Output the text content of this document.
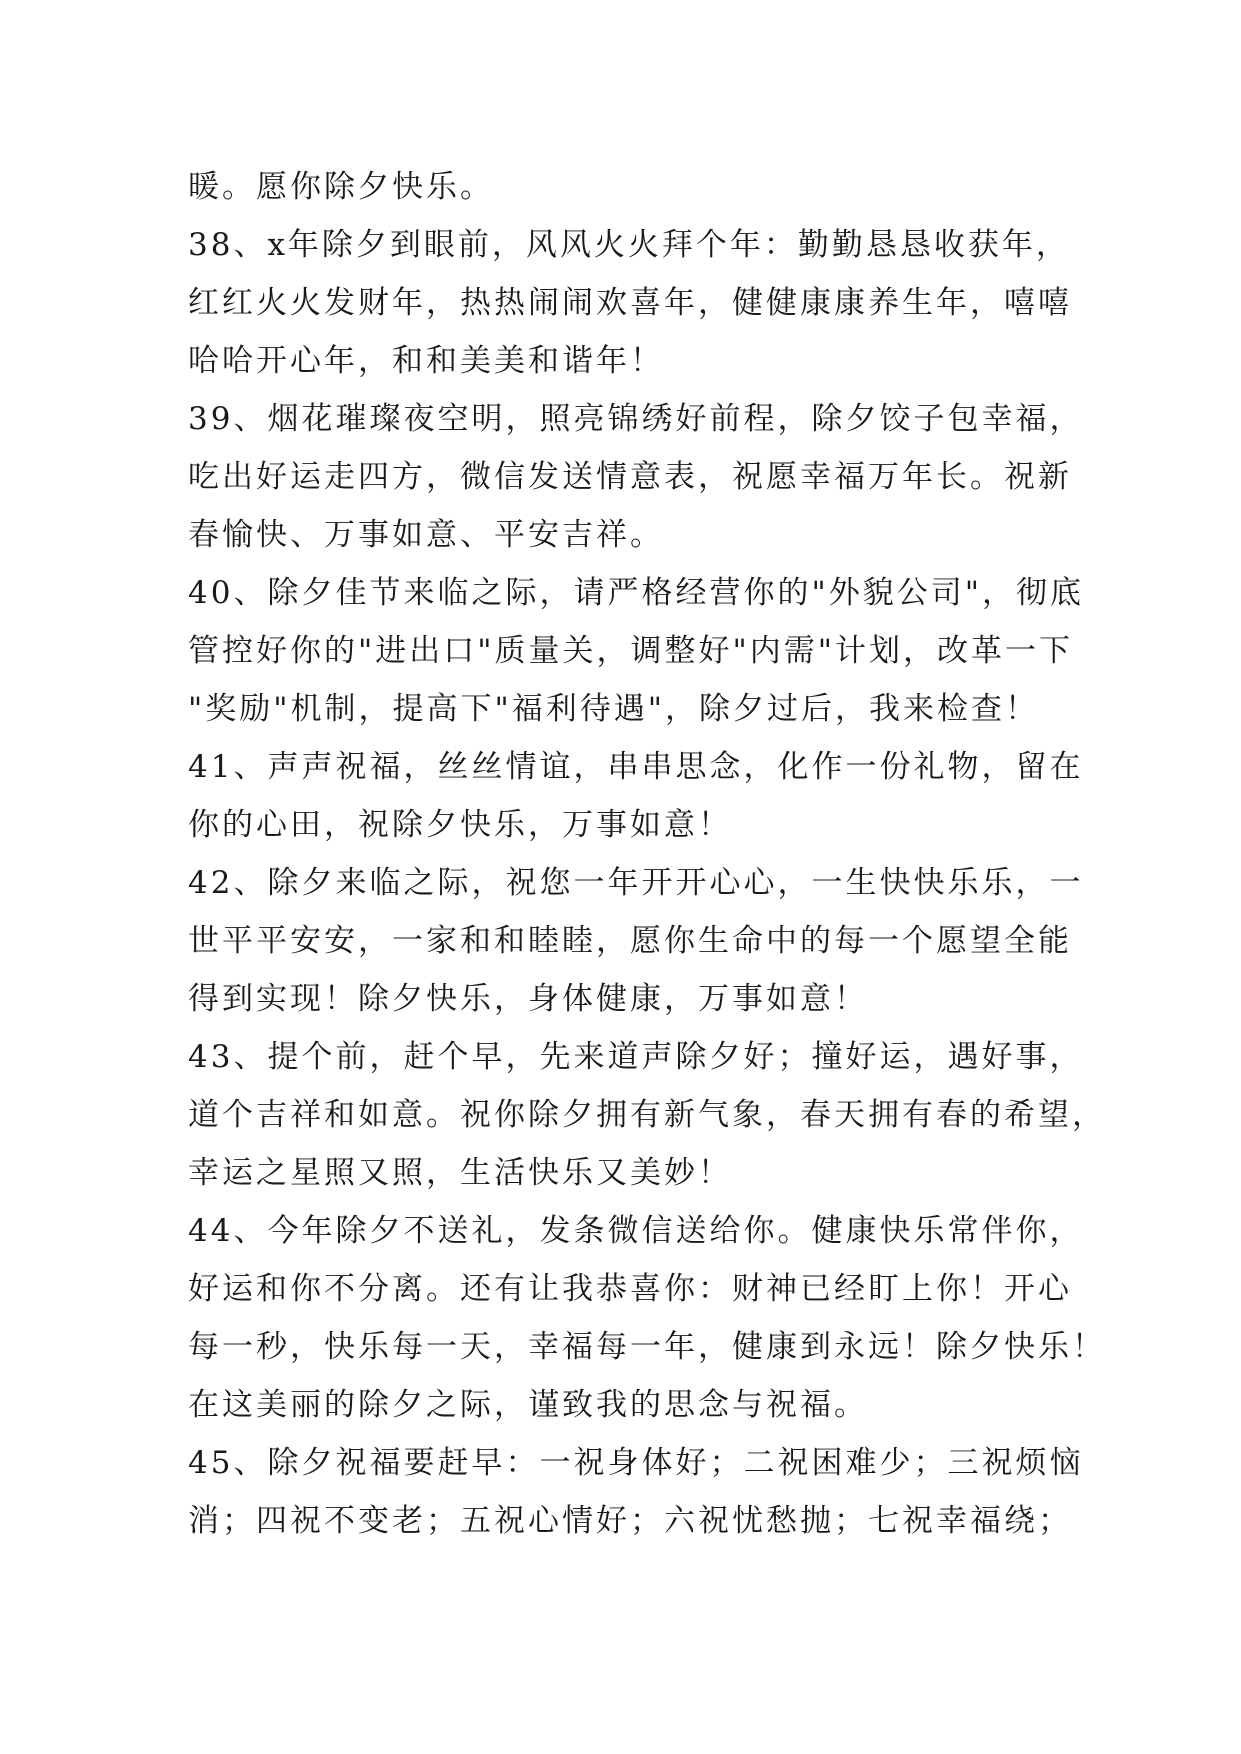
暖。愿你除夕快乐。
38、x年除夕到眼前，风风火火拜个年：勤勤恳恳收获年，
红红火火发财年，热热闹闹欢喜年，健健康康养生年，嘻嘻
哈哈开心年，和和美美和谐年！
39、烟花璀璨夜空明，照亮锦绣好前程，除夕饺子包幸福，
吃出好运走四方，微信发送情意表，祝愿幸福万年长。祝新
春愉快、万事如意、平安吉祥。
40、除夕佳节来临之际，请严格经营你的"外貌公司"，彻底
管控好你的"进出口"质量关，调整好"内需"计划，改革一下
"奖励"机制，提高下"福利待遇"，除夕过后，我来检查！
41、声声祝福，丝丝情谊，串串思念，化作一份礼物，留在
你的心田，祝除夕快乐，万事如意！
42、除夕来临之际，祝您一年开开心心，一生快快乐乐，一
世平平安安，一家和和睦睦，愿你生命中的每一个愿望全能
得到实现！除夕快乐，身体健康，万事如意！
43、提个前，赶个早，先来道声除夕好；撞好运，遇好事，
道个吉祥和如意。祝你除夕拥有新气象，春天拥有春的希望，
幸运之星照又照，生活快乐又美妙！
44、今年除夕不送礼，发条微信送给你。健康快乐常伴你，
好运和你不分离。还有让我恭喜你：财神已经盯上你！开心
每一秒，快乐每一天，幸福每一年，健康到永远！除夕快乐！
在这美丽的除夕之际，谨致我的思念与祝福。
45、除夕祝福要赶早：一祝身体好；二祝困难少；三祝烦恼
消；四祝不变老；五祝心情好；六祝忧愁抛；七祝幸福绕；
